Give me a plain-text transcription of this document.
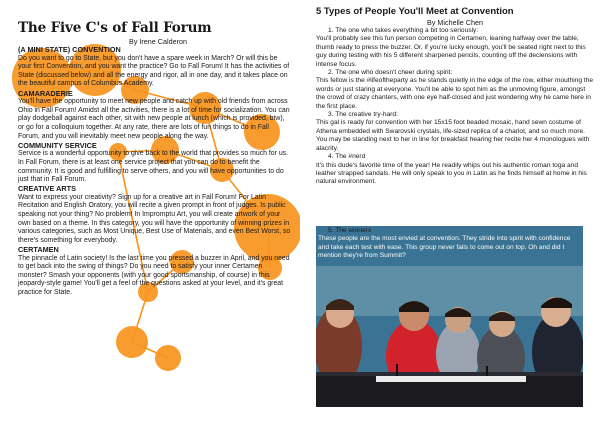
The Five C's of Fall Forum

By Irene Calderon

(A MINI STATE) CONVENTION

Do you want to go to State, but you don't have a spare week in March? Or will this be your first Convention, and you want the practice? Go to Fall Forum! It has the activities of State (discussed below) and all the energy and rigor, all in one day, and it takes place on the beautiful campus of Columbus Academy.

CAMARADERIE

You'll have the opportunity to meet new people and catch up with old friends from across Ohio in Fall Forum! Amidst all the activities, there is a lot of time for socialization. You can play dodgeball against each other, sit with new people at lunch (which is provided, btw), or go for a colloquium together. At any rate, there are lots of fun things to do in Fall Forum, and you will inevitably meet new people along the way.

COMMUNITY SERVICE

Service is a wonderful opportunity to give back to the world that provides so much for us. In Fall Forum, there is at least one service project that you can do to benefit the community. It is good and fulfilling to serve others, and you will have opportunities to do just that in Fall Forum.

CREATIVE ARTS

Want to express your creativity? Sign up for a creative art in Fall Forum! For Latin Recitation and English Oratory, you will recite a given prompt in front of judges. Is public speaking not your thing? No problem! In Impromptu Art, you will create artwork of your own based on a theme. In this category, you will have the opportunity of winning prizes in various categories, such as Most Unique, Best Use of Materials, and even Best Worst, so there's something for everybody.

CERTAMEN

The pinnacle of Latin society! Is the last time you pressed a buzzer in April, and you need to get back into the swing of things? Do you need to satisfy your inner Certamen monster? Smash your opponents (with your good sportsmanship, of course) in this jeopardy-style game! You'll get a feel of the questions asked at your level, and it's great practice for State.

5 Types of People You'll Meet at Convention

By Michelle Chen

1. The one who takes everything a bit too seriously:

You'll probably see this fun person competing in Certamen, leaning halfway over the table, thumb ready to press the buzzer. Or, if you're lucky enough, you'll be seated right next to this guy during testing with his 5 different sharpened pencils, counting off the declensions with intense focus.

2. The one who doesn't cheer during spirit:

This fellow is the #lifeoftheparty as he stands quietly in the edge of the row, either mouthing the words or just staring at everyone. You'll be able to spot him as the unmoving figure, amongst the crowd of crazy chanters, with one eye half-closed and just wondering why he came here in the first place.

3. The creative try-hard:

This gal is ready for convention with her 15x15 foot beaded mosaic, hand sewn costume of Athena embedded with Swarovski crystals, life-sized replica of a chariot, and so much more. You may be standing next to her in line for breakfast hearing her recite her 4 monologues with alacrity.

4. The #nerd

It's this dude's favorite time of the year! He readily whips out his authentic roman toga and leather strapped sandals. He will only speak to you in Latin as he finds himself at home in his natural environment.

5. The winners
These people are the most envied at convention. They stride into spirit with confidence and take each test with ease. This group never fails to come out on top. Oh and did I mention they're from Summit?
